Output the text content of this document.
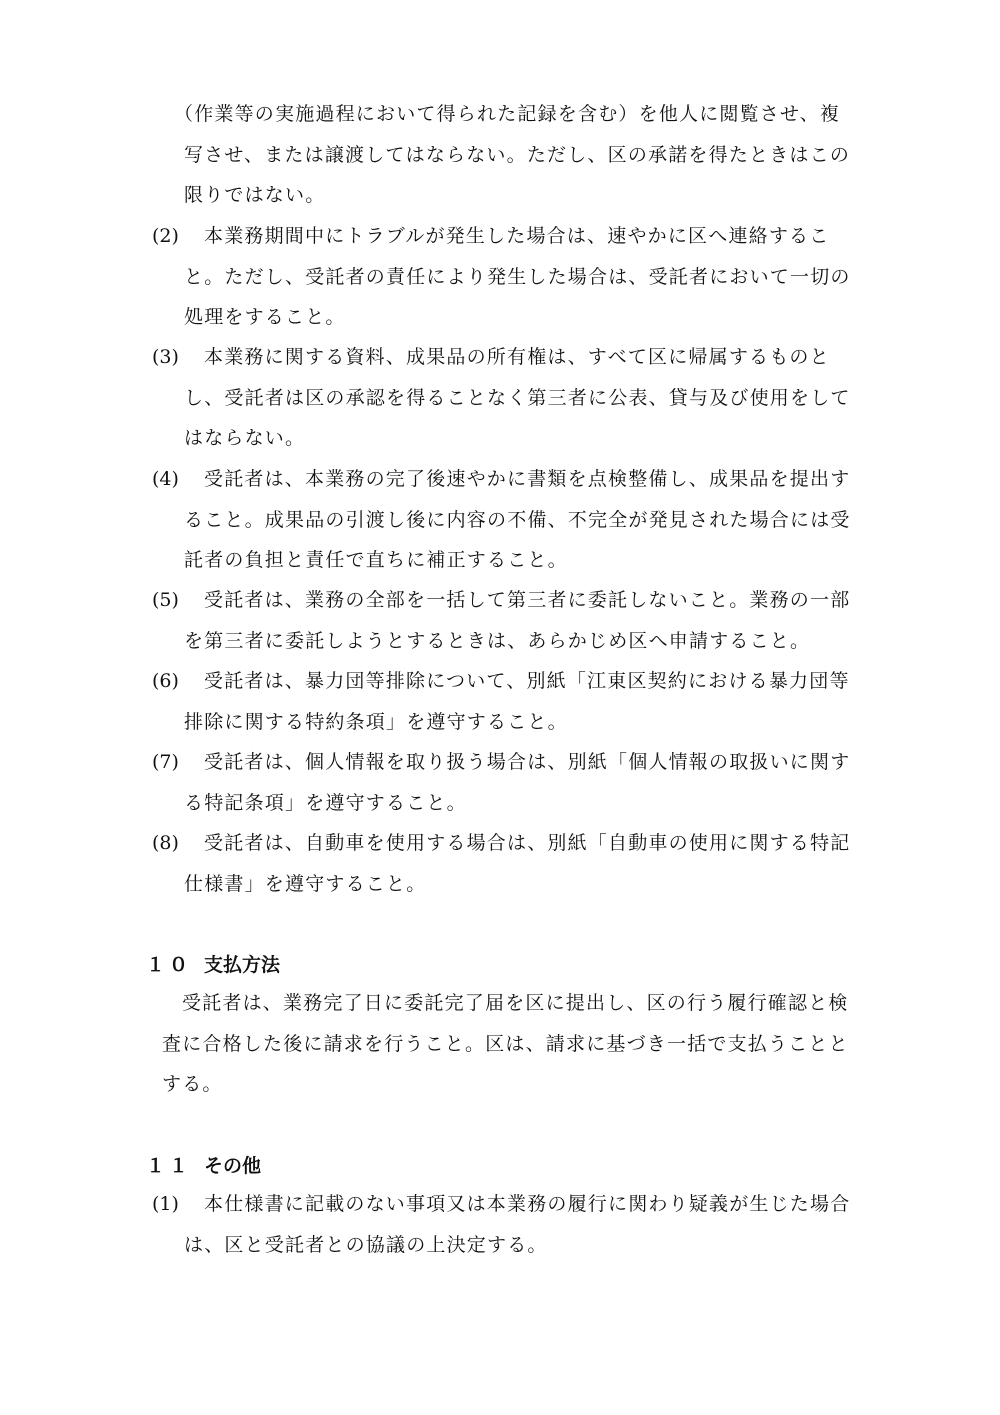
（作業等の実施過程において得られた記録を含む）を他人に閲覧させ、複
写させ、または譲渡してはならない。ただし、区の承諾を得たときはこの
限りではない。
(2)	本業務期間中にトラブルが発生した場合は、速やかに区へ連絡するこ
と。ただし、受託者の責任により発生した場合は、受託者において一切の
処理をすること。
(3)	本業務に関する資料、成果品の所有権は、すべて区に帰属するものと
し、受託者は区の承認を得ることなく第三者に公表、貸与及び使用をして
はならない。
(4)	受託者は、本業務の完了後速やかに書類を点検整備し、成果品を提出す
ること。成果品の引渡し後に内容の不備、不完全が発見された場合には受
託者の負担と責任で直ちに補正すること。
(5)	受託者は、業務の全部を一括して第三者に委託しないこと。業務の一部
を第三者に委託しようとするときは、あらかじめ区へ申請すること。
(6)	受託者は、暴力団等排除について、別紙「江東区契約における暴力団等
排除に関する特約条項」を遵守すること。
(7)	受託者は、個人情報を取り扱う場合は、別紙「個人情報の取扱いに関す
る特記条項」を遵守すること。
(8)	受託者は、自動車を使用する場合は、別紙「自動車の使用に関する特記
仕様書」を遵守すること。
１０ 支払方法
受託者は、業務完了日に委託完了届を区に提出し、区の行う履行確認と検
査に合格した後に請求を行うこと。区は、請求に基づき一括で支払うことと
する。
１１ その他
(1)	本仕様書に記載のない事項又は本業務の履行に関わり疑義が生じた場合
は、区と受託者との協議の上決定する。
